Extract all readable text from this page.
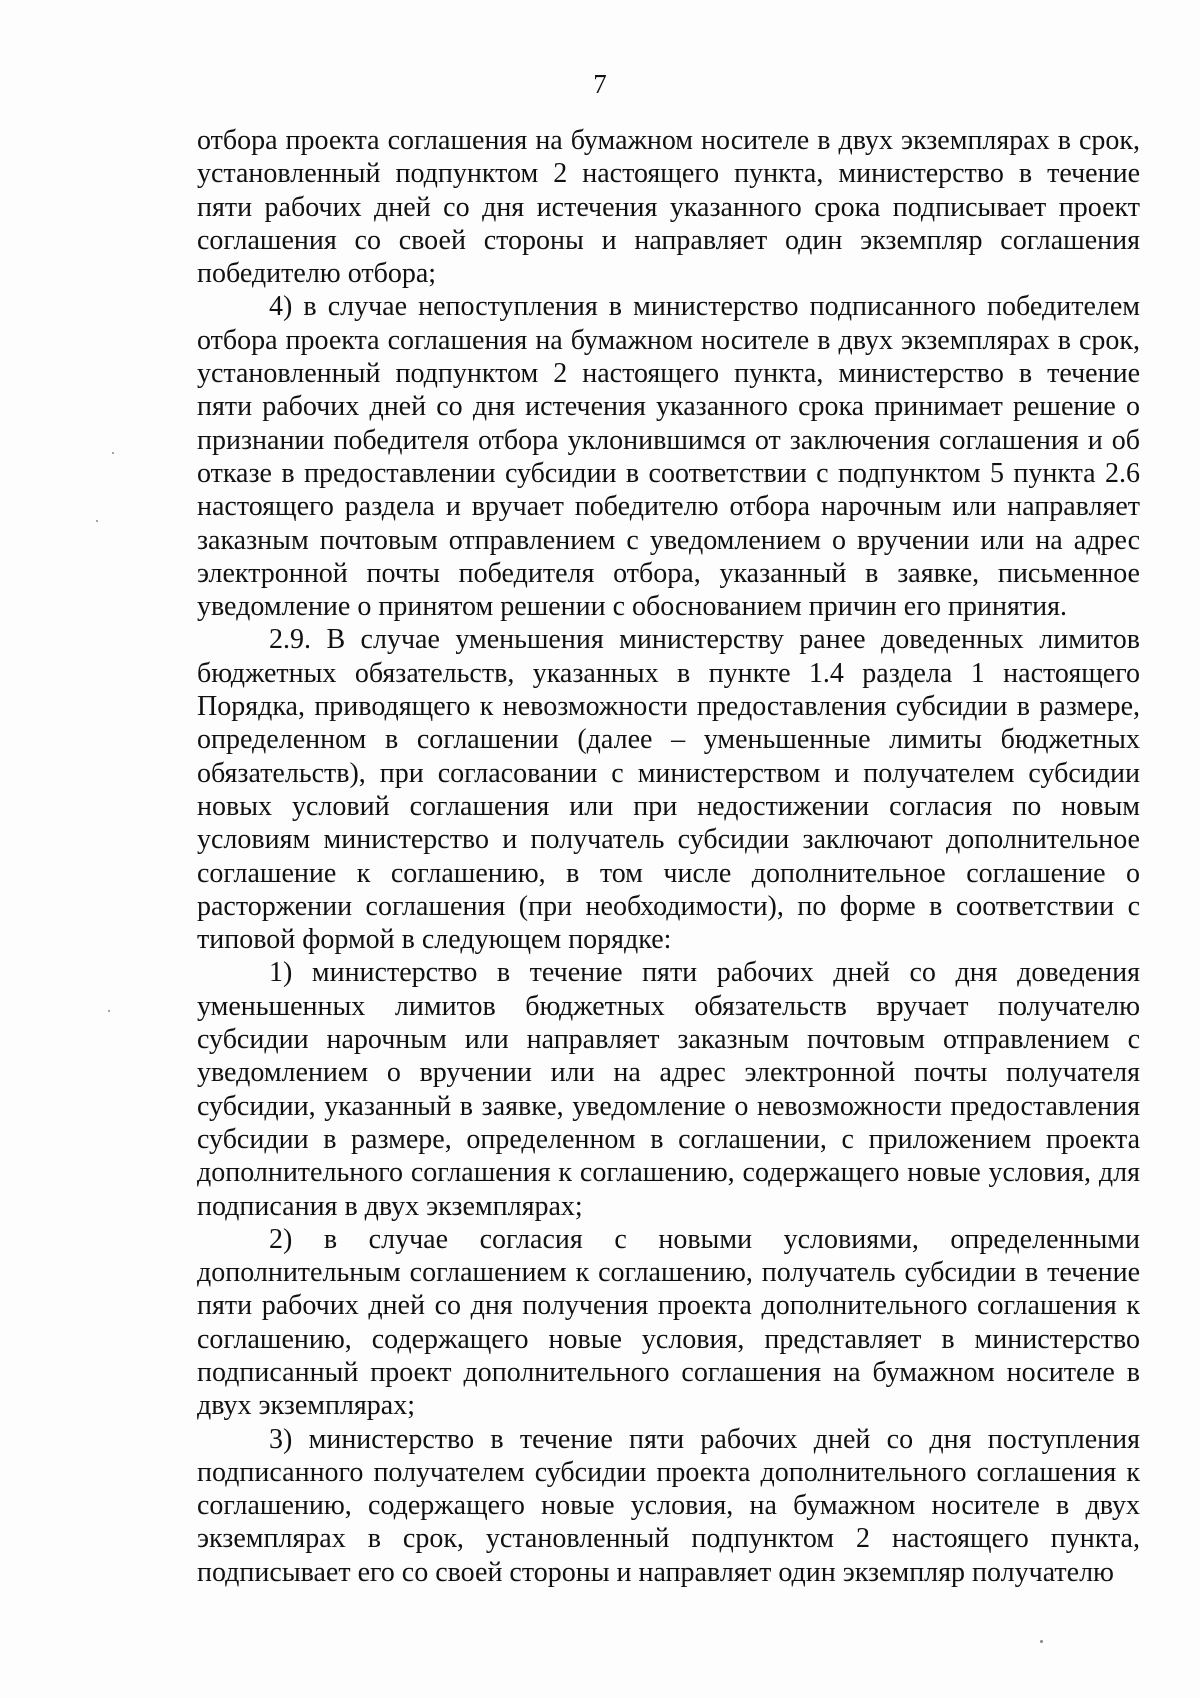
7

отбора проекта соглашения на бумажном носителе в двух экземплярах в срок, установленный подпунктом 2 настоящего пункта, министерство в течение пяти рабочих дней со дня истечения указанного срока подписывает проект соглашения со своей стороны и направляет один экземпляр соглашения победителю отбора;

4) в случае непоступления в министерство подписанного победителем отбора проекта соглашения на бумажном носителе в двух экземплярах в срок, установленный подпунктом 2 настоящего пункта, министерство в течение пяти рабочих дней со дня истечения указанного срока принимает решение о признании победителя отбора уклонившимся от заключения соглашения и об отказе в предоставлении субсидии в соответствии с подпунктом 5 пункта 2.6 настоящего раздела и вручает победителю отбора нарочным или направляет заказным почтовым отправлением с уведомлением о вручении или на адрес электронной почты победителя отбора, указанный в заявке, письменное уведомление о принятом решении с обоснованием причин его принятия.

2.9. В случае уменьшения министерству ранее доведенных лимитов бюджетных обязательств, указанных в пункте 1.4 раздела 1 настоящего Порядка, приводящего к невозможности предоставления субсидии в размере, определенном в соглашении (далее – уменьшенные лимиты бюджетных обязательств), при согласовании с министерством и получателем субсидии новых условий соглашения или при недостижении согласия по новым условиям министерство и получатель субсидии заключают дополнительное соглашение к соглашению, в том числе дополнительное соглашение о расторжении соглашения (при необходимости), по форме в соответствии с типовой формой в следующем порядке:

1) министерство в течение пяти рабочих дней со дня доведения уменьшенных лимитов бюджетных обязательств вручает получателю субсидии нарочным или направляет заказным почтовым отправлением с уведомлением о вручении или на адрес электронной почты получателя субсидии, указанный в заявке, уведомление о невозможности предоставления субсидии в размере, определенном в соглашении, с приложением проекта дополнительного соглашения к соглашению, содержащего новые условия, для подписания в двух экземплярах;

2) в случае согласия с новыми условиями, определенными дополнительным соглашением к соглашению, получатель субсидии в течение пяти рабочих дней со дня получения проекта дополнительного соглашения к соглашению, содержащего новые условия, представляет в министерство подписанный проект дополнительного соглашения на бумажном носителе в двух экземплярах;

3) министерство в течение пяти рабочих дней со дня поступления подписанного получателем субсидии проекта дополнительного соглашения к соглашению, содержащего новые условия, на бумажном носителе в двух экземплярах в срок, установленный подпунктом 2 настоящего пункта, подписывает его со своей стороны и направляет один экземпляр получателю
